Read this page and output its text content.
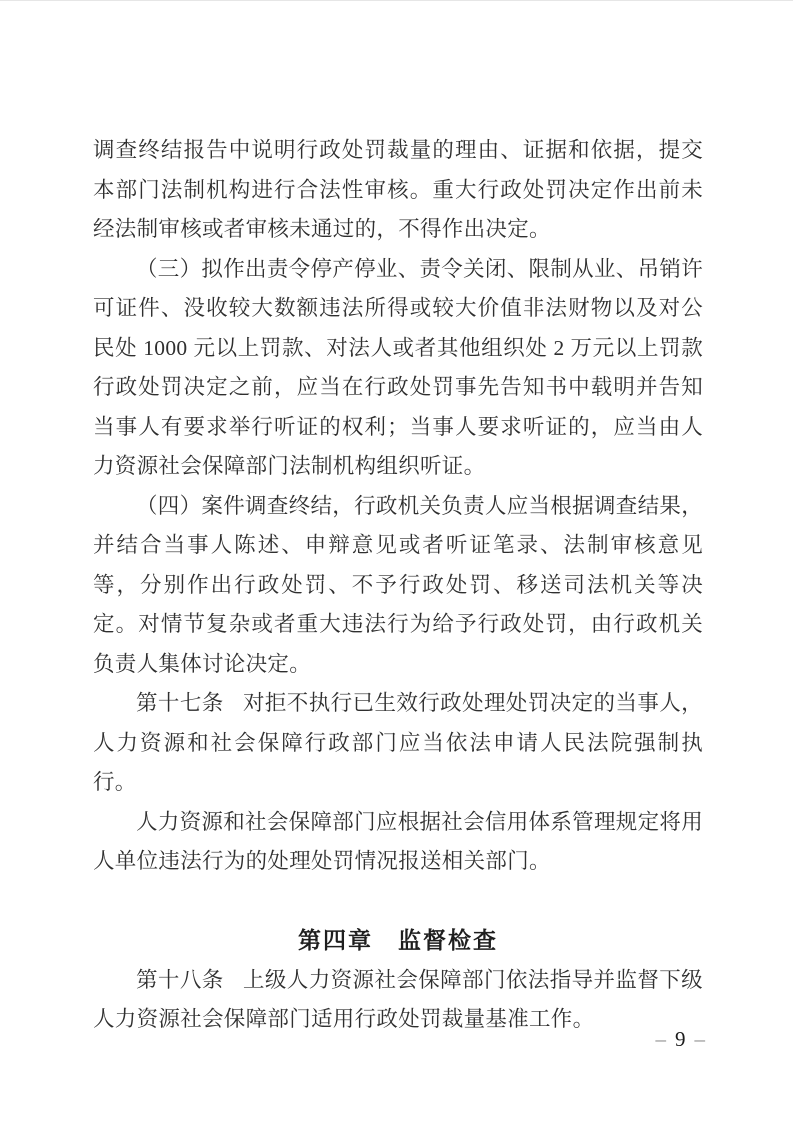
调查终结报告中说明行政处罚裁量的理由、证据和依据，提交本部门法制机构进行合法性审核。重大行政处罚决定作出前未经法制审核或者审核未通过的，不得作出决定。

（三）拟作出责令停产停业、责令关闭、限制从业、吊销许可证件、没收较大数额违法所得或较大价值非法财物以及对公民处 1000 元以上罚款、对法人或者其他组织处 2 万元以上罚款行政处罚决定之前，应当在行政处罚事先告知书中载明并告知当事人有要求举行听证的权利；当事人要求听证的，应当由人力资源社会保障部门法制机构组织听证。

（四）案件调查终结，行政机关负责人应当根据调查结果，并结合当事人陈述、申辩意见或者听证笔录、法制审核意见等，分别作出行政处罚、不予行政处罚、移送司法机关等决定。对情节复杂或者重大违法行为给予行政处罚，由行政机关负责人集体讨论决定。

第十七条 对拒不执行已生效行政处理处罚决定的当事人，人力资源和社会保障行政部门应当依法申请人民法院强制执行。

人力资源和社会保障部门应根据社会信用体系管理规定将用人单位违法行为的处理处罚情况报送相关部门。

第四章　监督检查

第十八条 上级人力资源社会保障部门依法指导并监督下级人力资源社会保障部门适用行政处罚裁量基准工作。

– 9 –
